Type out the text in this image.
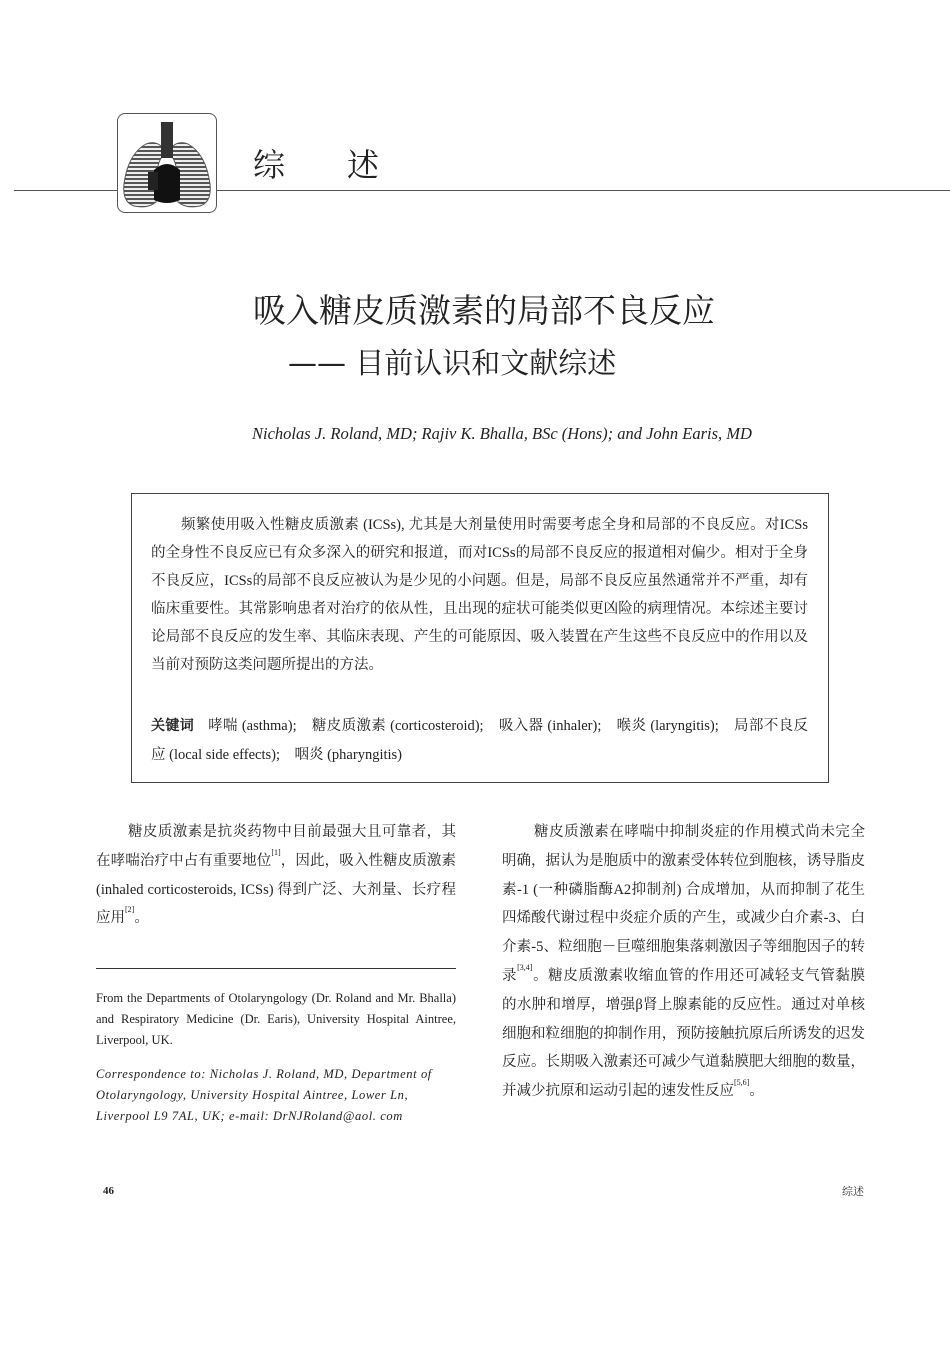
综述
吸入糖皮质激素的局部不良反应
—— 目前认识和文献综述
Nicholas J. Roland, MD; Rajiv K. Bhalla, BSc (Hons); and John Earis, MD
频繁使用吸入性糖皮质激素 (ICSs), 尤其是大剂量使用时需要考虑全身和局部的不良反应。对ICSs的全身性不良反应已有众多深入的研究和报道，而对ICSs的局部不良反应的报道相对偏少。相对于全身不良反应，ICSs的局部不良反应被认为是少见的小问题。但是，局部不良反应虽然通常并不严重，却有临床重要性。其常影响患者对治疗的依从性，且出现的症状可能类似更凶险的病理情况。本综述主要讨论局部不良反应的发生率、其临床表现、产生的可能原因、吸入装置在产生这些不良反应中的作用以及当前对预防这类问题所提出的方法。
关键词 哮喘 (asthma);　糖皮质激素 (corticosteroid);　吸入器 (inhaler);　喉炎 (laryngitis);　局部不良反应 (local side effects);　咽炎 (pharyngitis)
糖皮质激素是抗炎药物中目前最强大且可靠者，其在哮喘治疗中占有重要地位[1]，因此，吸入性糖皮质激素 (inhaled corticosteroids, ICSs) 得到广泛、大剂量、长疗程应用[2]。
糖皮质激素在哮喘中抑制炎症的作用模式尚未完全明确，据认为是胞质中的激素受体转位到胞核，诱导脂皮素-1 (一种磷脂酶A2抑制剂) 合成增加，从而抑制了花生四烯酸代谢过程中炎症介质的产生，或减少白介素-3、白介素-5、粒细胞－巨噬细胞集落刺激因子等细胞因子的转录[3,4]。糖皮质激素收缩血管的作用还可减轻支气管黏膜的水肿和增厚，增强β肾上腺素能的反应性。通过对单核细胞和粒细胞的抑制作用，预防接触抗原后所诱发的迟发反应。长期吸入激素还可减少气道黏膜肥大细胞的数量，并减少抗原和运动引起的速发性反应[5,6]。
From the Departments of Otolaryngology (Dr. Roland and Mr. Bhalla) and Respiratory Medicine (Dr. Earis), University Hospital Aintree, Liverpool, UK.
Correspondence to: Nicholas J. Roland, MD, Department of Otolaryngology, University Hospital Aintree, Lower Ln, Liverpool L9 7AL, UK; e-mail: DrNJRoland@aol. com
46	综述
